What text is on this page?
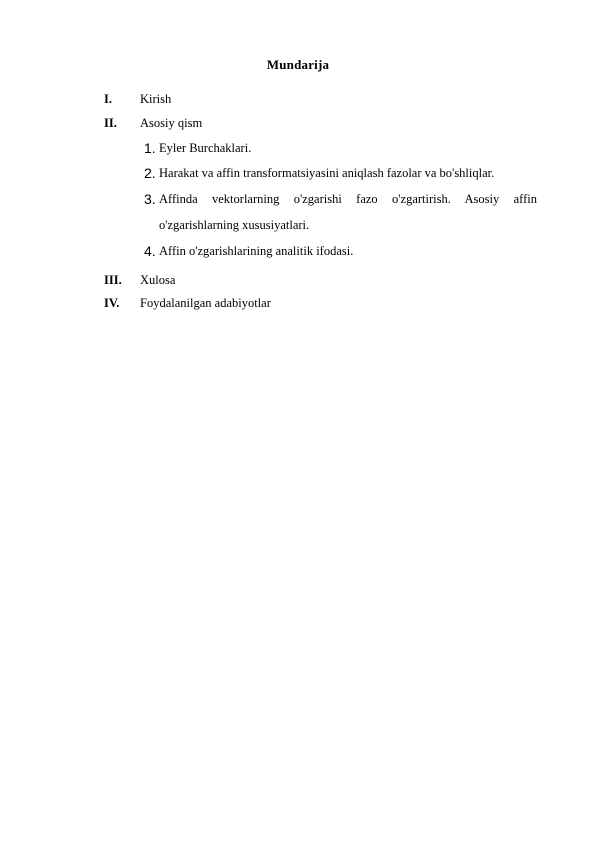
Mundarija
I. Kirish
II. Asosiy qism
1. Eyler Burchaklari.
2. Harakat va affin transformatsiyasini aniqlash fazolar va bo'shliqlar.
3. Affinda vektorlarning o'zgarishi fazo o'zgartirish. Asosiy affin
o'zgarishlarning xususiyatlari.
4. Affin o'zgarishlarining analitik ifodasi.
III. Xulosa
IV. Foydalanilgan adabiyotlar
